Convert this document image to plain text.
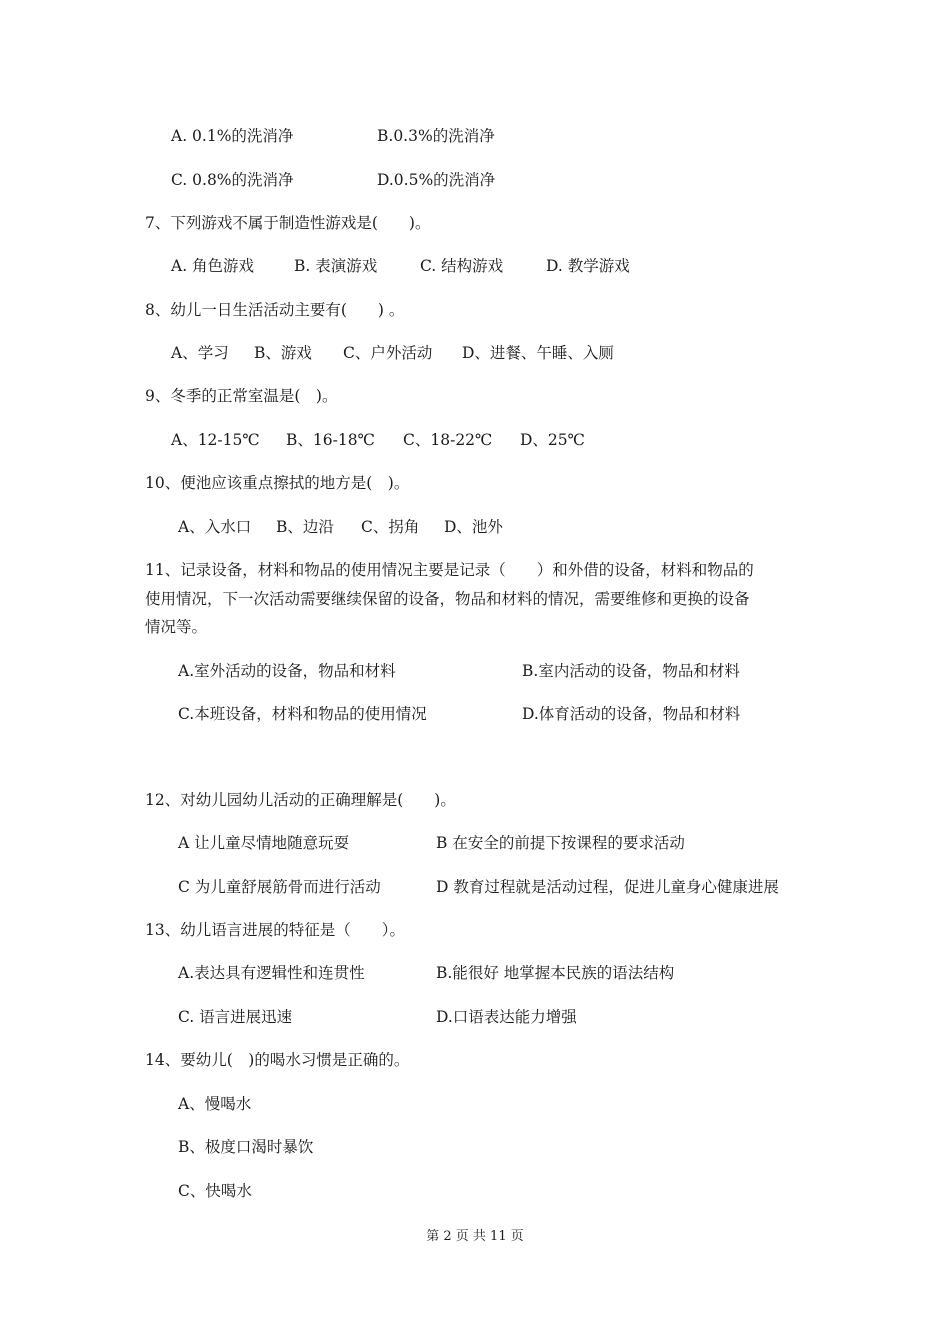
A. 0.1%的洗消净	B.0.3%的洗消净
C. 0.8%的洗消净	D.0.5%的洗消净
7、下列游戏不属于制造性游戏是(　　)。
A. 角色游戏	B. 表演游戏	C. 结构游戏	D. 教学游戏
8、幼儿一日生活活动主要有(　　) 。
A、学习 B、游戏 C、户外活动 D、进餐、午睡、入厕
9、冬季的正常室温是(　)。
A、12-15℃ B、16-18℃ C、18-22℃ D、25℃
10、便池应该重点擦拭的地方是(　)。
A、入水口 B、边沿 C、拐角 D、池外
11、记录设备，材料和物品的使用情况主要是记录（　　）和外借的设备，材料和物品的
使用情况，下一次活动需要继续保留的设备，物品和材料的情况，需要维修和更换的设备
情况等。
A.室外活动的设备，物品和材料	B.室内活动的设备，物品和材料
C.本班设备，材料和物品的使用情况	D.体育活动的设备，物品和材料
12、对幼儿园幼儿活动的正确理解是(　　)。
A 让儿童尽情地随意玩耍	B 在安全的前提下按课程的要求活动
C 为儿童舒展筋骨而进行活动	D 教育过程就是活动过程，促进儿童身心健康进展
13、幼儿语言进展的特征是（　　）。
A.表达具有逻辑性和连贯性	B.能很好 地掌握本民族的语法结构
C. 语言进展迅速	D.口语表达能力增强
14、要幼儿(　)的喝水习惯是正确的。
A、慢喝水
B、极度口渴时暴饮
C、快喝水
第 2 页 共 11 页
